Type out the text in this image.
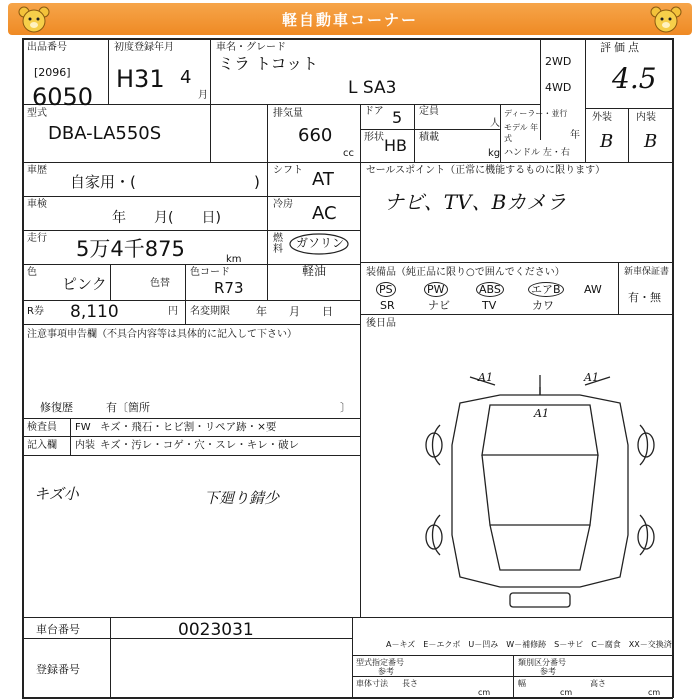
軽自動車コーナー
出品番号
[2096]
6050
初度登録年月
H31 4
月
車名・グレード
ミラ トコット
L SA3
2WD
4WD
評価点
4.5
外装 内装
B B
型式
DBA-LA550S
排気量
660
cc
ドア 5 定員
人
形状 HB 積載
kg
ディーラー・並行
モデル 年式	年
ハンドル 左・右
車歴
自家用・(	)
シフト AT
車検
年　　月(　　日)
冷房 AC
走行 5万4千875	km
燃料	ガソリン
軽油
色
ピンク	色替
色コード
R73
R券 8,110	円 名変期限 年　　月　　日
注意事項申告欄（不具合内容等は具体的に記入して下さい）
修復歴	有〔箇所	〕
検査員
記入欄
FW キズ・飛石・ヒビ割・リペア跡・×要
内装 キズ・汚レ・コゲ・穴・スレ・キレ・破レ
キズ小	下廻り錆少
セールスポイント（正常に機能するものに限ります）
ナビ、TV、Bカメラ
装備品（純正品に限り○で囲んでください）
PS	PW	ABS	エアB AW
SR	ナビ	TV	カワ
新車保証書
有・無
後日品
A1	A1
A1
車台番号	0023031
登録番号
A－キズ　E－エクボ　U－凹み　W－補修跡　S－サビ　C－腐食　XX－交換済
型式指定番号
参考
類別区分番号
参考
車体寸法 長さ
cm
幅
cm
高さ
cm
